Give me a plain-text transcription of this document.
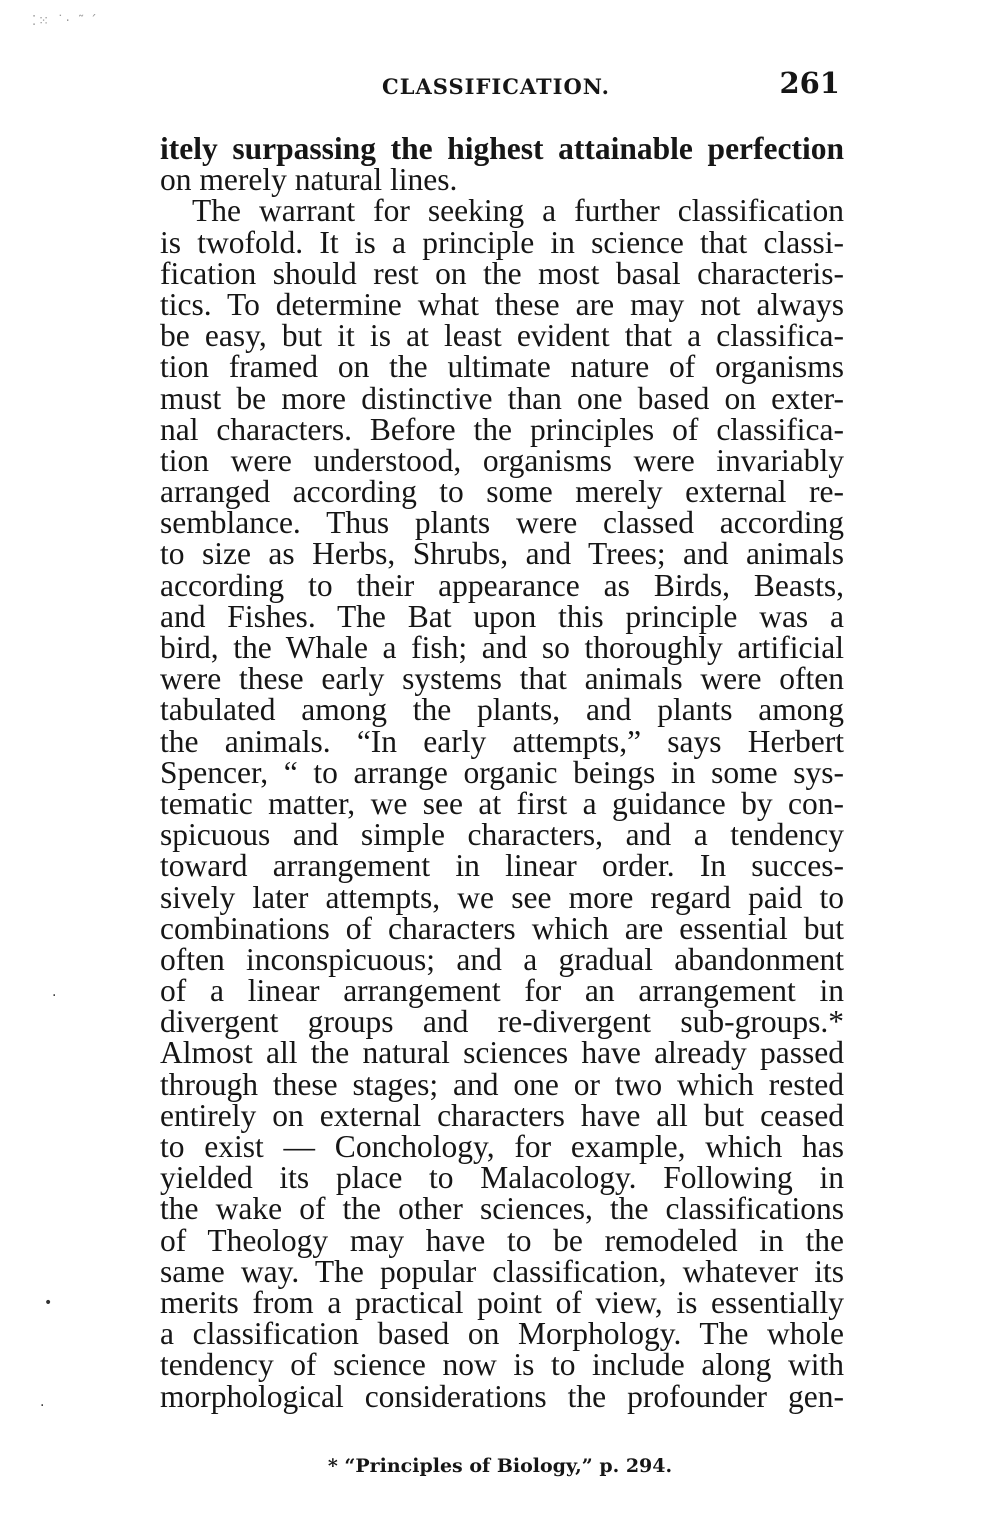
⁚⁙ ˙· ˜ ՛
CLASSIFICATION.	261
itely surpassing the highest attainable perfection
on merely natural lines.
The warrant for seeking a further classification
is twofold. It is a principle in science that classi-
fication should rest on the most basal characteris-
tics. To determine what these are may not always
be easy, but it is at least evident that a classifica-
tion framed on the ultimate nature of organisms
must be more distinctive than one based on exter-
nal characters. Before the principles of classifica-
tion were understood, organisms were invariably
arranged according to some merely external re-
semblance. Thus plants were classed according
to size as Herbs, Shrubs, and Trees; and animals
according to their appearance as Birds, Beasts,
and Fishes. The Bat upon this principle was a
bird, the Whale a fish; and so thoroughly artificial
were these early systems that animals were often
tabulated among the plants, and plants among
the animals. “In early attempts,” says Herbert
Spencer, “ to arrange organic beings in some sys-
tematic matter, we see at first a guidance by con-
spicuous and simple characters, and a tendency
toward arrangement in linear order. In succes-
sively later attempts, we see more regard paid to
combinations of characters which are essential but
often inconspicuous; and a gradual abandonment
of a linear arrangement for an arrangement in
divergent groups and re-divergent sub-groups.*
Almost all the natural sciences have already passed
through these stages; and one or two which rested
entirely on external characters have all but ceased
to exist — Conchology, for example, which has
yielded its place to Malacology. Following in
the wake of the other sciences, the classifications
of Theology may have to be remodeled in the
same way. The popular classification, whatever its
merits from a practical point of view, is essentially
a classification based on Morphology. The whole
tendency of science now is to include along with
morphological considerations the profounder gen-
* “Principles of Biology,” p. 294.
·
•
·
